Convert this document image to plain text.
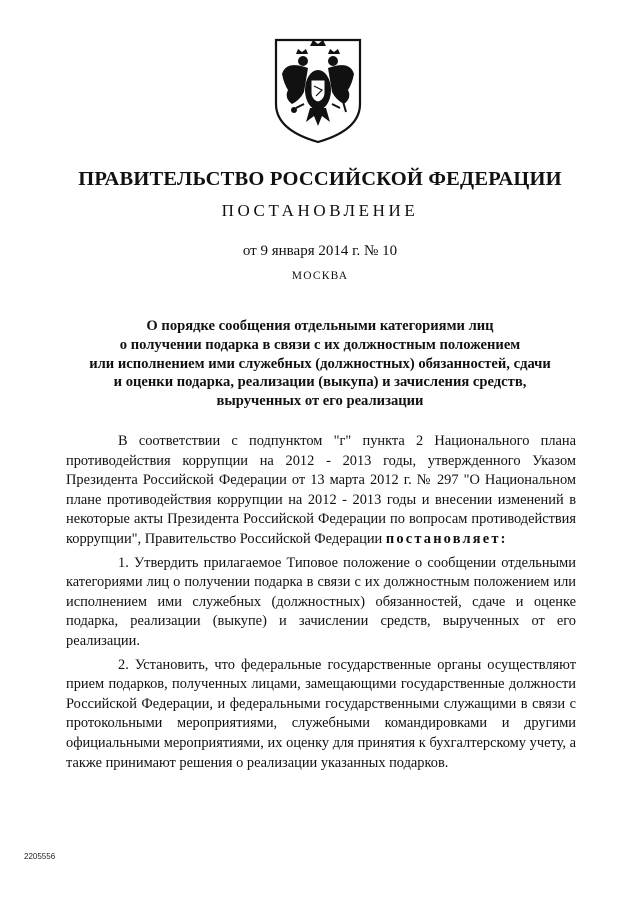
ПРАВИТЕЛЬСТВО РОССИЙСКОЙ ФЕДЕРАЦИИ
ПОСТАНОВЛЕНИЕ
от 9 января 2014 г. № 10
МОСКВА
О порядке сообщения отдельными категориями лиц
о получении подарка в связи с их должностным положением
или исполнением ими служебных (должностных) обязанностей, сдачи
и оценки подарка, реализации (выкупа) и зачисления средств,
вырученных от его реализации

В соответствии с подпунктом "г" пункта 2 Национального плана противодействия коррупции на 2012 - 2013 годы, утвержденного Указом Президента Российской Федерации от 13 марта 2012 г. № 297 "О Национальном плане противодействия коррупции на 2012 - 2013 годы и внесении изменений в некоторые акты Президента Российской Федерации по вопросам противодействия коррупции", Правительство Российской Федерации постановляет:

1. Утвердить прилагаемое Типовое положение о сообщении отдельными категориями лиц о получении подарка в связи с их должностным положением или исполнением ими служебных (должностных) обязанностей, сдаче и оценке подарка, реализации (выкупе) и зачислении средств, вырученных от его реализации.

2. Установить, что федеральные государственные органы осуществляют прием подарков, полученных лицами, замещающими государственные должности Российской Федерации, и федеральными государственными служащими в связи с протокольными мероприятиями, служебными командировками и другими официальными мероприятиями, их оценку для принятия к бухгалтерскому учету, а также принимают решения о реализации указанных подарков.

2205556
